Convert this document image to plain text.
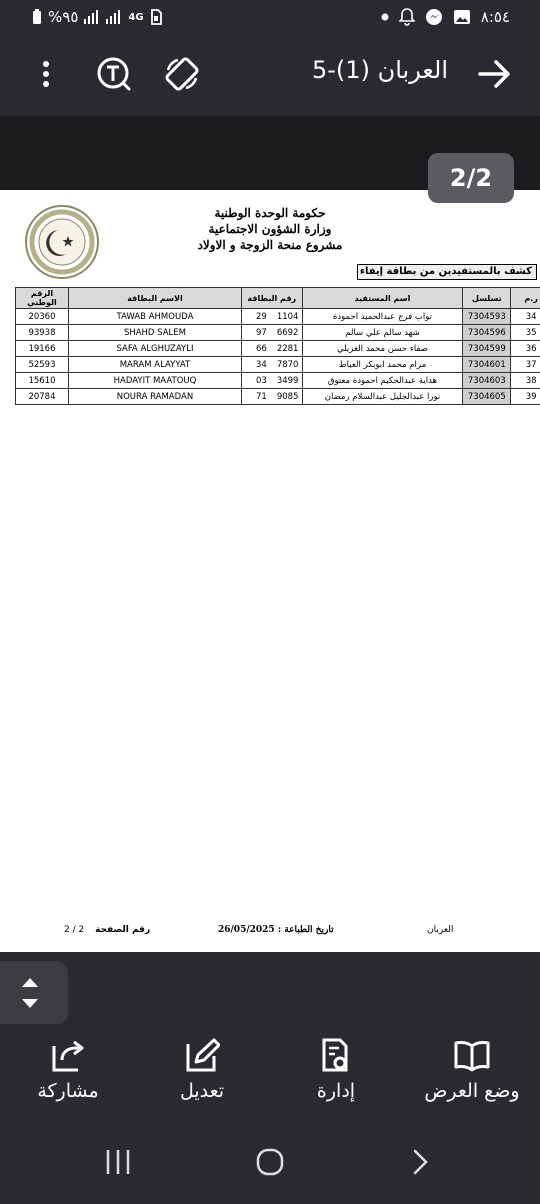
%٩٥	4G	٨:٥٤
العربان (1)-5
حكومة الوحدة الوطنية
وزارة الشؤون الاجتماعية
مشروع منحة الزوجة و الاولاد
كشف بالمستفيدين من بطاقة إيفاء
الرقم الوطني	الاسم البطاقة	رقم البطاقة	اسم المستفيد	تسلسل	ر.م
20360	TAWAB AHMOUDA	29 1104	تواب فرج عبدالحميد احمودة	7304593	34
93938	SHAHD SALEM	97 6692	شهد سالم علي سالم	7304596	35
19166	SAFA ALGHUZAYLI	66 2281	صفاء حسن محمد الغزيلي	7304599	36
52593	MARAM ALAYYAT	34 7870	مرام محمد ابوبكر العياط	7304601	37
15610	HADAYIT MAATOUQ	03 3499	هداية عبدالحكيم احمودة معتوق	7304603	38
20784	NOURA RAMADAN	71 9085	نورا عبدالجليل عبدالسلام رمضان	7304605	39
العربان
تاريخ الطباعة : 26/05/2025
رقم الصفحة 2 / 2
2/2
مشاركة	تعديل	إدارة	وضع العرض
